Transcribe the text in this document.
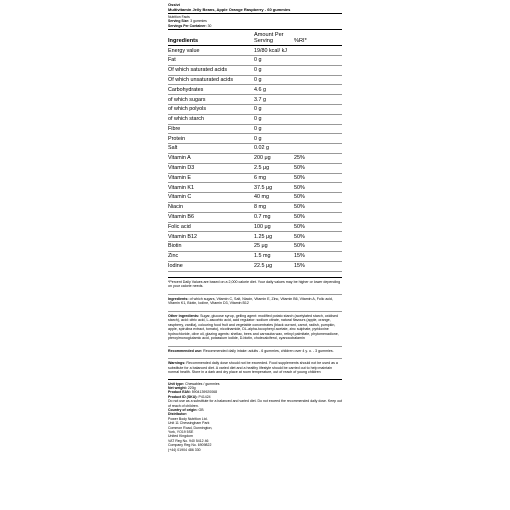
Ossivi
Multivitamin Jelly Beans, Apple Orange Raspberry - 60 gummies
Nutrition Facts
Serving Size: 3 gummies
Servings Per Container: 30
Ingredients	Amount Per Serving	%RI*
Energy value	19/80 kcal/ kJ	
Fat	0 g	
Of which saturated acids	0 g	
Of which unsaturated acids	0 g	
Carbohydrates	4.6 g	
of which sugars	3.7 g	
of which polyols	0 g	
of which starch	0 g	
Fibre	0 g	
Protein	0 g	
Salt	0.02 g	
Vitamin A	200 μg	25%
Vitamin D3	2.5 μg	50%
Vitamin E	6 mg	50%
Vitamin K1	37.5 μg	50%
Vitamin C	40 mg	50%
Niacin	8 mg	50%
Vitamin B6	0.7 mg	50%
Folic acid	100 μg	50%
Vitamin B12	1.25 μg	50%
Biotin	25 μg	50%
Zinc	1.5 mg	15%
Iodine	22.5 μg	15%
*Percent Daily Values are based on a 2,000 calorie diet. Your daily values may be higher or lower depending on your calorie needs.
Ingredients: of which sugars, Vitamin C, Salt, Niacin, Vitamin E, Zinc, Vitamin B6, Vitamin A, Folic acid, Vitamin K1, Biotin, Iodine, Vitamin D3, Vitamin B12
Other ingredients: Sugar, glucose syrup, gelling agent: modified potato starch (acetylated starch, oxidised starch), acid: citric acid, L-ascorbic acid, acid regulator: sodium citrate, natural flavours (apple, orange, raspberry, vanilla), colouring food fruit and vegetable concentrates (black currant, carrot, radish, pumpkin, apple, spirulina extract, tomato), nicotinamide, DL-alpha-tocopheryl acetate, zinc sulphate, pyridoxine hydrochloride, olive oil, glazing agents: shellac, bees and carnauba wax, retinyl palmitate, phytomenadione, pteroylmonoglutamic acid, potassium iodide, D-biotin, cholecalciferol, cyanocobalamin
Recommended use: Recommended daily intake: adults - 6 gummies, children over 4 y. o. - 3 gummies.
Warnings: Recommended daily dose should not be exceeded. Food supplements should not be used as a substitute for a balanced diet. A varied diet and a healthy lifestyle should be carried out to help maintain normal health. Store in a dark and dry place at room temperature, out of reach of young children
Unit type: Chewables / gummies
Net weight: 220g
Product EAN: 5904139920068
Product ID (SKU): P41424
Do not use as a substitute for a balanced and varied diet. Do not exceed the recommended daily dose. Keep out of reach of children.
Country of origin: GB
Distributor:
Power Body Nutrition Ltd.
Unit 11 Chessingham Park
Common Road, Dunnington,
York, YO19 5SE
United Kingdom
VAT Reg No. 940 5412 46
Company Reg No. 6909822
(+44) 01904 486 330
